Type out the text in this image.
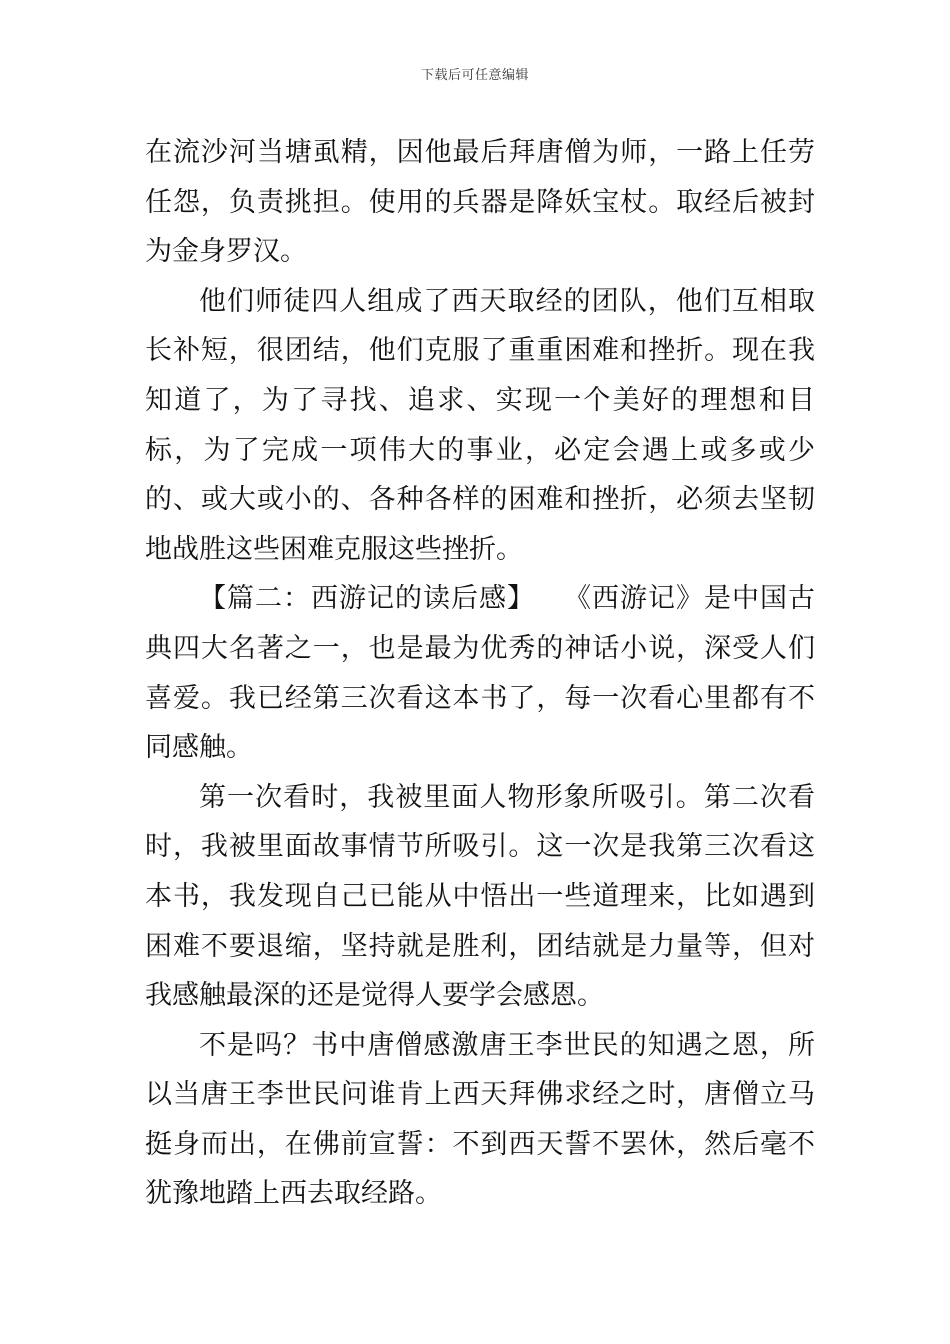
下载后可任意编辑

在流沙河当塘虱精，因他最后拜唐僧为师，一路上任劳任怨，负责挑担。使用的兵器是降妖宝杖。取经后被封为金身罗汉。

他们师徒四人组成了西天取经的团队，他们互相取长补短，很团结，他们克服了重重困难和挫折。现在我知道了，为了寻找、追求、实现一个美好的理想和目标，为了完成一项伟大的事业，必定会遇上或多或少的、或大或小的、各种各样的困难和挫折，必须去坚韧地战胜这些困难克服这些挫折。

【篇二：西游记的读后感】　　《西游记》是中国古典四大名著之一，也是最为优秀的神话小说，深受人们喜爱。我已经第三次看这本书了，每一次看心里都有不同感触。

第一次看时，我被里面人物形象所吸引。第二次看时，我被里面故事情节所吸引。这一次是我第三次看这本书，我发现自己已能从中悟出一些道理来，比如遇到困难不要退缩，坚持就是胜利，团结就是力量等，但对我感触最深的还是觉得人要学会感恩。

不是吗？书中唐僧感激唐王李世民的知遇之恩，所以当唐王李世民问谁肯上西天拜佛求经之时，唐僧立马挺身而出，在佛前宣誓：不到西天誓不罢休，然后毫不犹豫地踏上西去取经路。
